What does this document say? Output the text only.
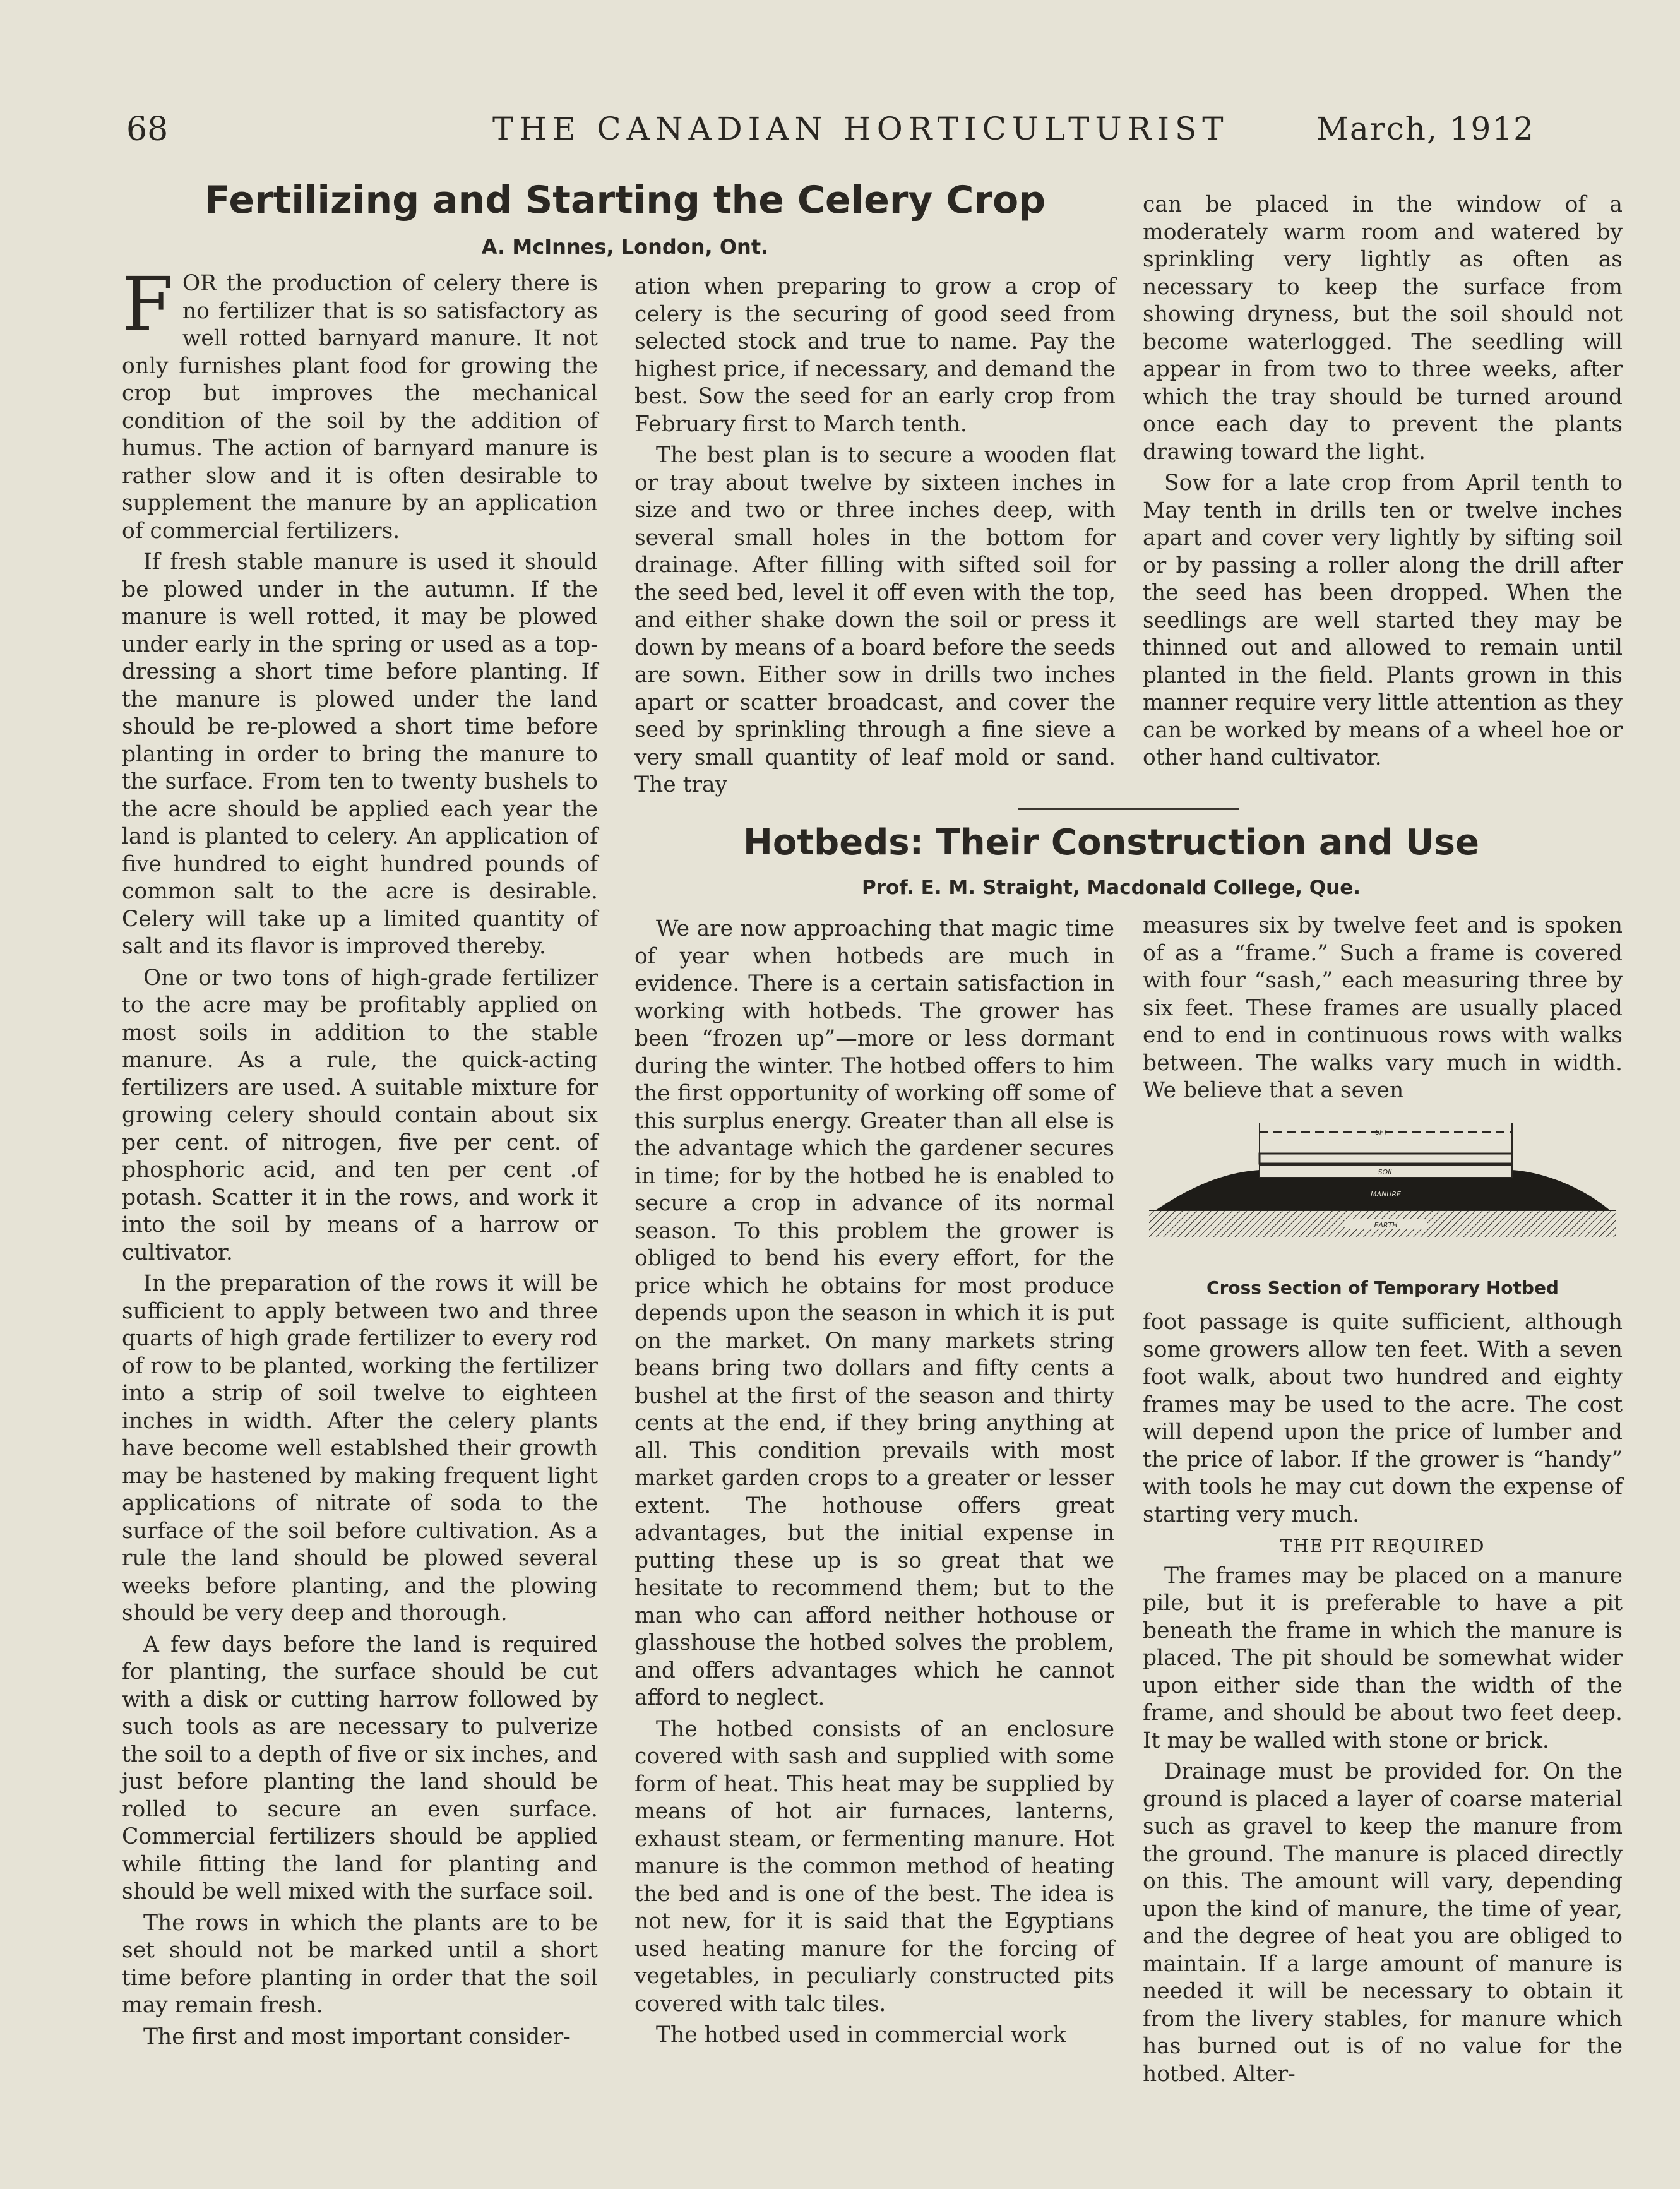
68	THE CANADIAN HORTICULTURIST	March, 1912
Fertilizing and Starting the Celery Crop
A. McInnes, London, Ont.

FOR the production of celery there is no fertilizer that is so satisfactory as well rotted barnyard manure. It not only furnishes plant food for growing the crop but improves the mechanical condition of the soil by the addition of humus. The action of barnyard manure is rather slow and it is often desirable to supplement the manure by an application of commercial fertilizers.

If fresh stable manure is used it should be plowed under in the autumn. If the manure is well rotted, it may be plowed under early in the spring or used as a top-dressing a short time before planting. If the manure is plowed under the land should be re-plowed a short time before planting in order to bring the manure to the surface. From ten to twenty bushels to the acre should be applied each year the land is planted to celery. An application of five hundred to eight hundred pounds of common salt to the acre is desirable. Celery will take up a limited quantity of salt and its flavor is improved thereby.

One or two tons of high-grade fertilizer to the acre may be profitably applied on most soils in addition to the stable manure. As a rule, the quick-acting fertilizers are used. A suitable mixture for growing celery should contain about six per cent. of nitrogen, five per cent. of phosphoric acid, and ten per cent .of potash. Scatter it in the rows, and work it into the soil by means of a harrow or cultivator.

In the preparation of the rows it will be sufficient to apply between two and three quarts of high grade fertilizer to every rod of row to be planted, working the fertilizer into a strip of soil twelve to eighteen inches in width. After the celery plants have become well establshed their growth may be hastened by making frequent light applications of nitrate of soda to the surface of the soil before cultivation. As a rule the land should be plowed several weeks before planting, and the plowing should be very deep and thorough.

A few days before the land is required for planting, the surface should be cut with a disk or cutting harrow followed by such tools as are necessary to pulverize the soil to a depth of five or six inches, and just before planting the land should be rolled to secure an even surface. Commercial fertilizers should be applied while fitting the land for planting and should be well mixed with the surface soil.

The rows in which the plants are to be set should not be marked until a short time before planting in order that the soil may remain fresh.

The first and most important consider-

ation when preparing to grow a crop of celery is the securing of good seed from selected stock and true to name. Pay the highest price, if necessary, and demand the best. Sow the seed for an early crop from February first to March tenth.

The best plan is to secure a wooden flat or tray about twelve by sixteen inches in size and two or three inches deep, with several small holes in the bottom for drainage. After filling with sifted soil for the seed bed, level it off even with the top, and either shake down the soil or press it down by means of a board before the seeds are sown. Either sow in drills two inches apart or scatter broadcast, and cover the seed by sprinkling through a fine sieve a very small quantity of leaf mold or sand. The tray

can be placed in the window of a moderately warm room and watered by sprinkling very lightly as often as necessary to keep the surface from showing dryness, but the soil should not become waterlogged. The seedling will appear in from two to three weeks, after which the tray should be turned around once each day to prevent the plants drawing toward the light.

Sow for a late crop from April tenth to May tenth in drills ten or twelve inches apart and cover very lightly by sifting soil or by passing a roller along the drill after the seed has been dropped. When the seedlings are well started they may be thinned out and allowed to remain until planted in the field. Plants grown in this manner require very little attention as they can be worked by means of a wheel hoe or other hand cultivator.

Hotbeds: Their Construction and Use
Prof. E. M. Straight, Macdonald College, Que.

We are now approaching that magic time of year when hotbeds are much in evidence. There is a certain satisfaction in working with hotbeds. The grower has been “frozen up”—more or less dormant during the winter. The hotbed offers to him the first opportunity of working off some of this surplus energy. Greater than all else is the advantage which the gardener secures in time; for by the hotbed he is enabled to secure a crop in advance of its normal season. To this problem the grower is obliged to bend his every effort, for the price which he obtains for most produce depends upon the season in which it is put on the market. On many markets string beans bring two dollars and fifty cents a bushel at the first of the season and thirty cents at the end, if they bring anything at all. This condition prevails with most market garden crops to a greater or lesser extent. The hothouse offers great advantages, but the initial expense in putting these up is so great that we hesitate to recommend them; but to the man who can afford neither hothouse or glasshouse the hotbed solves the problem, and offers advantages which he cannot afford to neglect.

The hotbed consists of an enclosure covered with sash and supplied with some form of heat. This heat may be supplied by means of hot air furnaces, lanterns, exhaust steam, or fermenting manure. Hot manure is the common method of heating the bed and is one of the best. The idea is not new, for it is said that the Egyptians used heating manure for the forcing of vegetables, in peculiarly constructed pits covered with talc tiles.

The hotbed used in commercial work

measures six by twelve feet and is spoken of as a “frame.” Such a frame is covered with four “sash,” each measuring three by six feet. These frames are usually placed end to end in continuous rows with walks between. The walks vary much in width. We believe that a seven

6FT
SOIL
MANURE
EARTH
Cross Section of Temporary Hotbed

foot passage is quite sufficient, although some growers allow ten feet. With a seven foot walk, about two hundred and eighty frames may be used to the acre. The cost will depend upon the price of lumber and the price of labor. If the grower is “handy” with tools he may cut down the expense of starting very much.

THE PIT REQUIRED

The frames may be placed on a manure pile, but it is preferable to have a pit beneath the frame in which the manure is placed. The pit should be somewhat wider upon either side than the width of the frame, and should be about two feet deep. It may be walled with stone or brick.

Drainage must be provided for. On the ground is placed a layer of coarse material such as gravel to keep the manure from the ground. The manure is placed directly on this. The amount will vary, depending upon the kind of manure, the time of year, and the degree of heat you are obliged to maintain. If a large amount of manure is needed it will be necessary to obtain it from the livery stables, for manure which has burned out is of no value for the hotbed. Alter-
